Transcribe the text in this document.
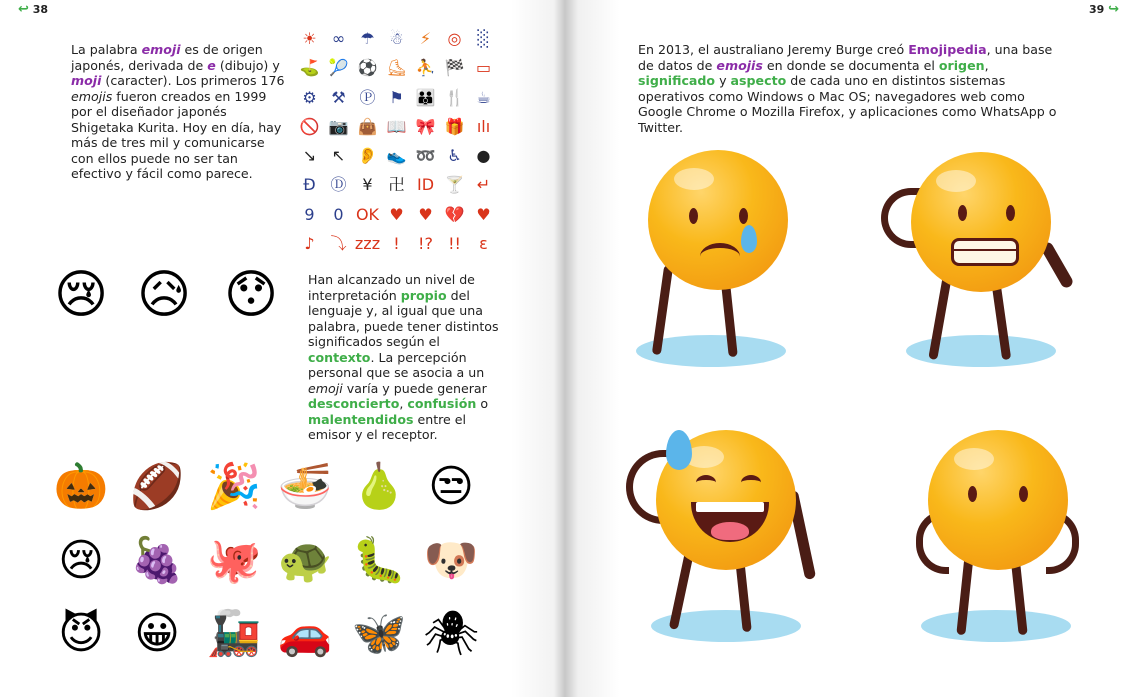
↩ 38
La palabra emoji es de origen japonés, derivada de e (dibujo) y moji (caracter). Los primeros 176 emojis fueron creados en 1999 por el diseñador japonés Shigetaka Kurita. Hoy en día, hay más de tres mil y comunicarse con ellos puede no ser tan efectivo y fácil como parece.
☀ ∞ ☂ ☃	⚡	◎ ░
⛳ 🎾 ⚽ ⛸ ⛹ 🏁 ▭
⚙ ⚒ Ⓟ ⚑ 👪 🍴 ☕
🚫 📷 👜 📖 🎀 🎁 ılı
↘ ↖ 👂 👟 ➿ ♿ ●
Ɖ Ⓓ ¥ 卍 ID 🍸 ↵
9	0 OK ♥ ♥ 💔 ♥
♪ ⤵ zzz !	!? !!	ε
😢 😥 😯 Han alcanzado un nivel de interpretación propio del lenguaje y, al igual que una palabra, puede tener distintos significados según el contexto. La percepción personal que se asocia a un emoji varía y puede generar desconcierto, confusión o malentendidos entre el emisor y el receptor.
🎃 🏈 🎉 🍜 🍐 😒
😢 🍇 🐙 🐢 🐛 🐶
😈 😀 🚂 🚗 🦋 🕷
39 ↪
En 2013, el australiano Jeremy Burge creó Emojipedia, una base de datos de emojis en donde se documenta el origen, significado y aspecto de cada uno en distintos sistemas operativos como Windows o Mac OS; navegadores web como Google Chrome o Mozilla Firefox, y aplicaciones como WhatsApp o Twitter.
